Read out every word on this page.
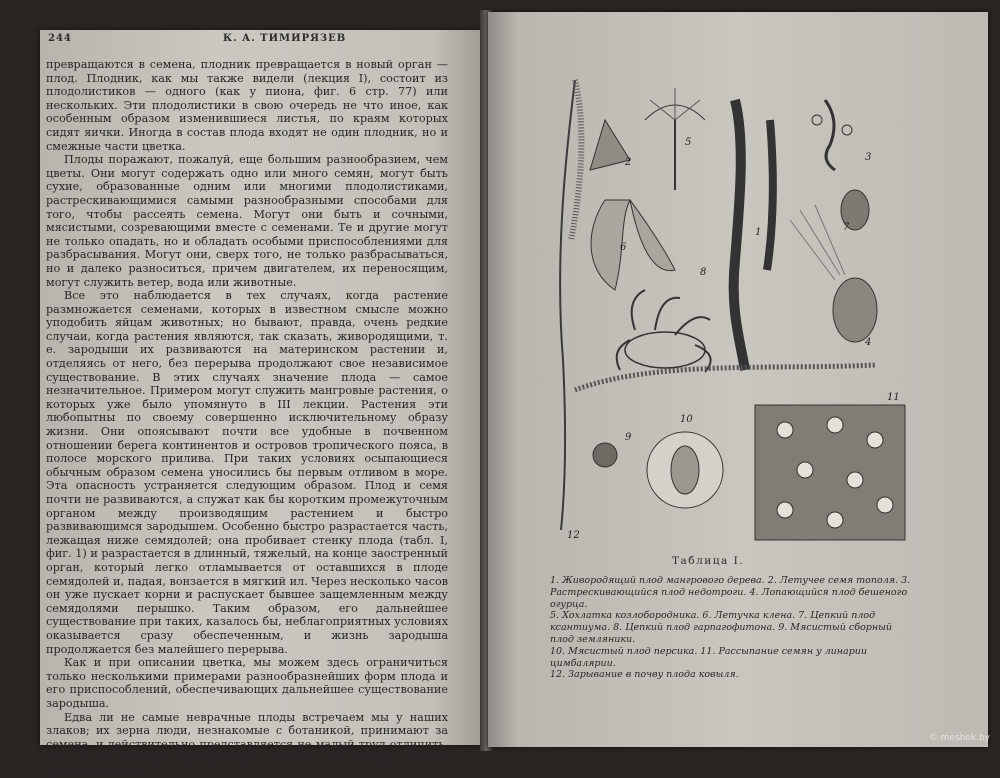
244	К. А. ТИМИРЯЗЕВ

превращаются в семена, плодник превращается в новый орган — плод. Плодник, как мы также видели (лекция I), состоит из плодолистиков — одного (как у пиона, фиг. 6 стр. 77) или нескольких. Эти плодолистики в свою очередь не что иное, как особенным образом изменившиеся листья, по краям которых сидят яички. Иногда в состав плода входят не один плодник, но и смежные части цветка.

Плоды поражают, пожалуй, еще большим разнообразием, чем цветы. Они могут содержать одно или много семян, могут быть сухие, образованные одним или многими плодолистиками, растрескивающимися самыми разнообразными способами для того, чтобы рассеять семена. Могут они быть и сочными, мясистыми, созревающими вместе с семенами. Те и другие могут не только опадать, но и обладать особыми приспособлениями для разбрасывания. Могут они, сверх того, не только разбрасываться, но и далеко разноситься, причем двигателем, их переносящим, могут служить ветер, вода или животные.

Все это наблюдается в тех случаях, когда растение размножается семенами, которых в известном смысле можно уподобить яйцам животных; но бывают, правда, очень редкие случаи, когда растения являются, так сказать, живородящими, т. е. зародыши их развиваются на материнском растении и, отделяясь от него, без перерыва продолжают свое независимое существование. В этих случаях значение плода — самое незначительное. Примером могут служить мангровые растения, о которых уже было упомянуто в III лекции. Растения эти любопытны по своему совершенно исключительному образу жизни. Они опоясывают почти все удобные в почвенном отношении берега континентов и островов тропического пояса, в полосе морского прилива. При таких условиях осыпающиеся обычным образом семена уносились бы первым отливом в море. Эта опасность устраняется следующим образом. Плод и семя почти не развиваются, а служат как бы коротким промежуточным органом между производящим растением и быстро развивающимся зародышем. Особенно быстро разрастается часть, лежащая ниже семядолей; она пробивает стенку плода (табл. I, фиг. 1) и разрастается в длинный, тяжелый, на конце заостренный орган, который легко отламывается от оставшихся в плоде семядолей и, падая, вонзается в мягкий ил. Через несколько часов он уже пускает корни и распускает бывшее защемленным между семядолями перышко. Таким образом, его дальнейшее существование при таких, казалось бы, неблагоприятных условиях оказывается сразу обеспеченным, и жизнь зародыша продолжается без малейшего перерыва.

Как и при описании цветка, мы можем здесь ограничиться только несколькими примерами разнообразнейших форм плода и его приспособлений, обеспечивающих дальнейшее существование зародыша.

Едва ли не самые неврачные плоды встречаем мы у наших злаков; их зерна люди, незнакомые с ботаникой, принимают за семена, и действительно представляется не малый труд отличить, что в их кожуре принадлежит семени, что плоду. Только присматриваясь

1
2	3
4
5
6
7
8
9
10
11
12
Таблица I.
1. Живородящий плод мангрового дерева. 2. Летучее семя тополя. 3. Растрескивающийся плод недотроги. 4. Лопающийся плод бешеного огурца.
5. Хохлатка козлобородника. 6. Летучка клена. 7. Цепкий плод ксантиума. 8. Цепкий плод гарпагофитона. 9. Мясистый сборный плод земляники.
10. Мясистый плод персика. 11. Рассыпание семян у линарии цимбалярии.
12. Зарывание в почву плода ковыля.
© meshok.by
